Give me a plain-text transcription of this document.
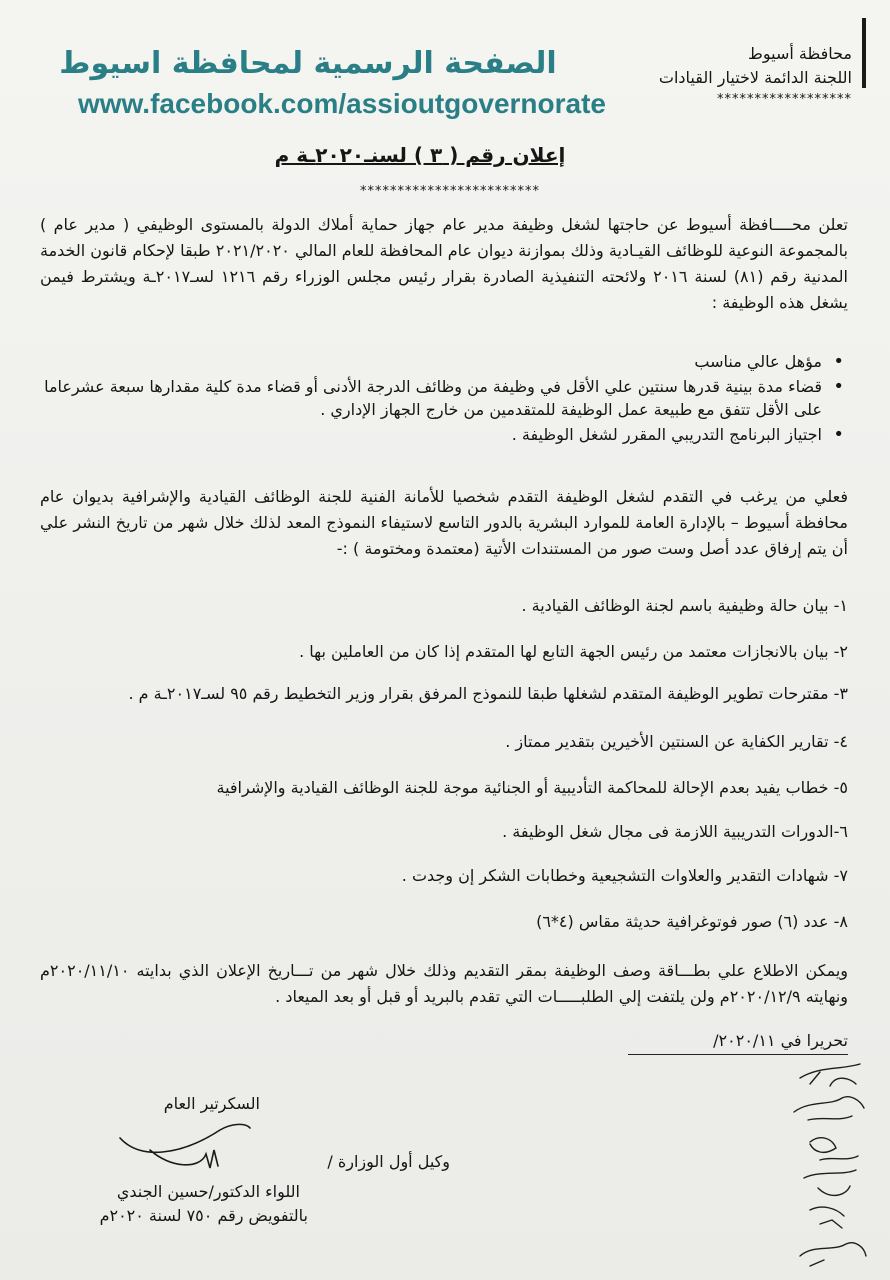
محافظة أسيوط
اللجنة الدائمة لاختيار القيادات
******************
الصفحة الرسمية لمحافظة اسيوط
www.facebook.com/assioutgovernorate
إعلان رقم ( ٣ ) لسنـ٢٠٢٠ـة م
************************
تعلن محــــافظة أسيوط عن حاجتها لشغل وظيفة مدير عام جهاز حماية أملاك الدولة بالمستوى الوظيفي ( مدير عام ) بالمجموعة النوعية للوظائف القيـادية وذلك بموازنة ديوان عام المحافظة للعام المالي ٢٠٢١/٢٠٢٠ طبقا لإحكام قانون الخدمة المدنية رقم (٨١) لسنة ٢٠١٦ ولائحته التنفيذية الصادرة بقرار رئيس مجلس الوزراء رقم ١٢١٦ لسـ٢٠١٧ـة ويشترط فيمن يشغل هذه الوظيفة :
• مؤهل عالي مناسب
• قضاء مدة بينية قدرها سنتين علي الأقل في وظيفة من وظائف الدرجة الأدنى أو قضاء مدة كلية مقدارها سبعة عشرعاما على الأقل تتفق مع طبيعة عمل الوظيفة للمتقدمين من خارج الجهاز الإداري .
• اجتياز البرنامج التدريبي المقرر لشغل الوظيفة .
فعلي من يرغب في التقدم لشغل الوظيفة التقدم شخصيا للأمانة الفنية للجنة الوظائف القيادية والإشرافية بديوان عام محافظة أسيوط – بالإدارة العامة للموارد البشرية بالدور التاسع لاستيفاء النموذج المعد لذلك خلال شهر من تاريخ النشر علي أن يتم إرفاق عدد أصل وست صور من المستندات الأتية (معتمدة ومختومة ) :-
١- بيان حالة وظيفية باسم لجنة الوظائف القيادية .
٢- بيان بالانجازات معتمد من رئيس الجهة التابع لها المتقدم إذا كان من العاملين بها .
٣- مقترحات تطوير الوظيفة المتقدم لشغلها طبقا للنموذج المرفق بقرار وزير التخطيط رقم ٩٥ لسـ٢٠١٧ـة م .
٤- تقارير الكفاية عن السنتين الأخيرين بتقدير ممتاز .
٥- خطاب يفيد بعدم الإحالة للمحاكمة التأديبية أو الجنائية موجة للجنة الوظائف القيادية والإشرافية
٦-الدورات التدريبية اللازمة فى مجال شغل الوظيفة .
٧- شهادات التقدير والعلاوات التشجيعية وخطابات الشكر إن وجدت .
٨- عدد (٦) صور فوتوغرافية حديثة مقاس (٤*٦)
ويمكن الاطلاع علي بطـــاقة وصف الوظيفة بمقر التقديم وذلك خلال شهر من تـــاريخ الإعلان الذي بدايته ٢٠٢٠/١١/١٠م ونهايته ٢٠٢٠/١٢/٩م ولن يلتفت إلي الطلبـــــات التي تقدم بالبريد أو قبل أو بعد الميعاد .
تحريرا في ٢٠٢٠/١١/
السكرتير العام
وكيل أول الوزارة /
اللواء الدكتور/حسين الجندي
بالتفويض رقم ٧٥٠ لسنة ٢٠٢٠م
